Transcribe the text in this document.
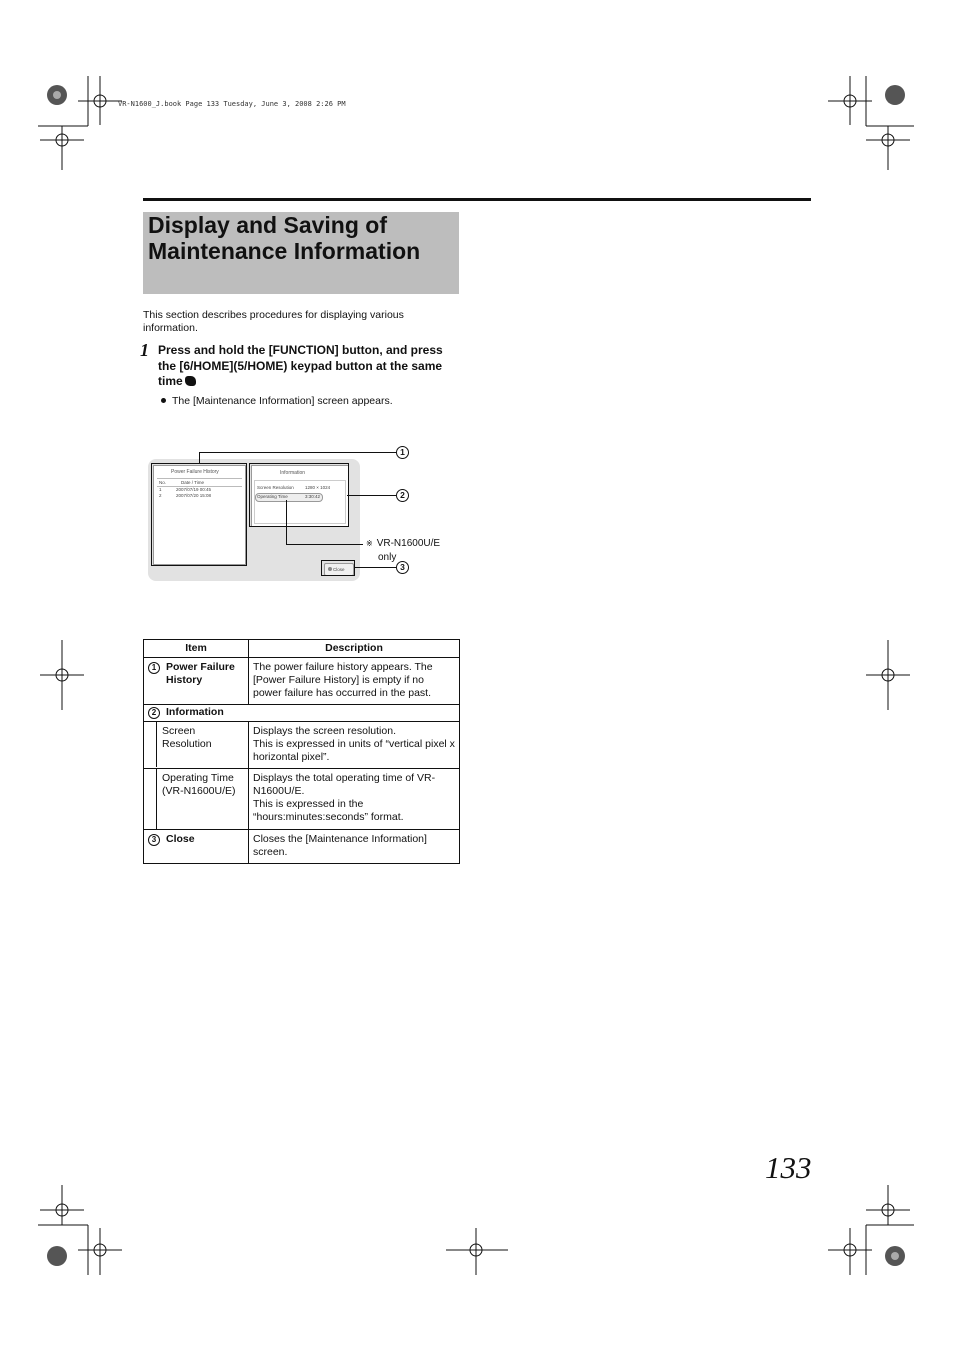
VR-N1600_J.book Page 133 Tuesday, June 3, 2008 2:26 PM
Display and Saving of
Maintenance Information
This section describes procedures for displaying various information.
1 Press and hold the [FUNCTION] button, and press the [6/HOME](5/HOME) keypad button at the same time
The [Maintenance Information] screen appears.
Power Failure History
No.	Date / Time
1	2007/07/19 00:45
2	2007/07/20 15:08
Information
Screen Resolution 1280 × 1024
Operating Time	3:30:42
Close
1
2
3
※ VR-N1600U/E
only
Item	Description

1 Power Failure
History	The power failure history appears. The [Power Failure History] is empty if no power failure has occurred in the past.

2 Information	

Screen
Resolution	Displays the screen resolution.
This is expressed in units of “vertical pixel x horizontal pixel”.

Operating Time
(VR-N1600U/E)	Displays the total operating time of VR-N1600U/E.
This is expressed in the “hours:minutes:seconds” format.

3 Close	Closes the [Maintenance Information] screen.
133
